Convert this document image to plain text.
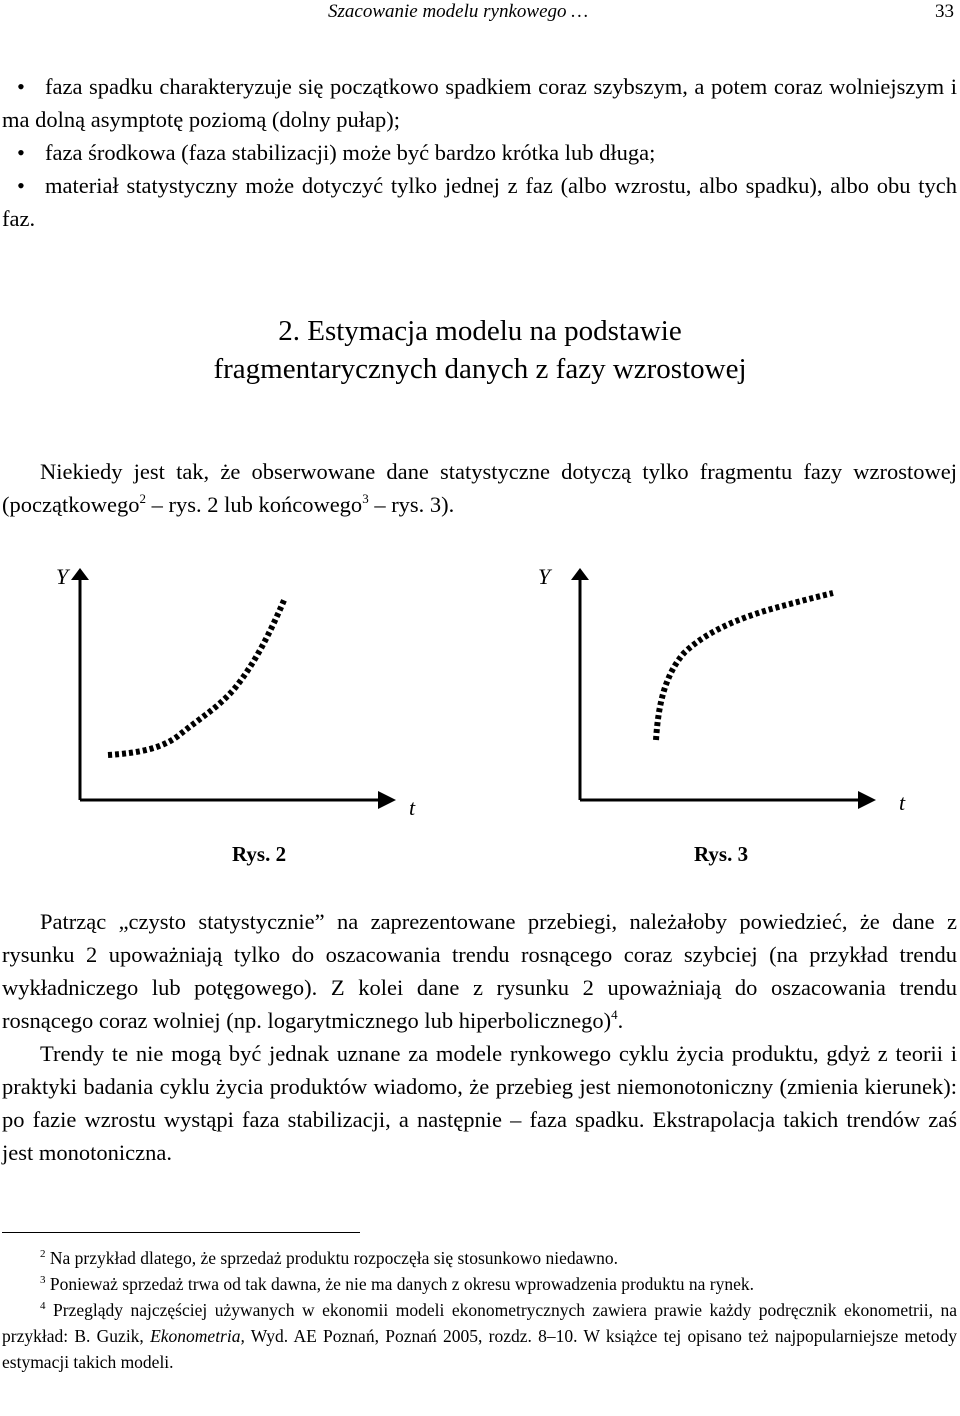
Szacowanie modelu rynkowego …	33
• faza spadku charakteryzuje się początkowo spadkiem coraz szybszym, a potem coraz wolniejszym i ma dolną asymptotę poziomą (dolny pułap);
• faza środkowa (faza stabilizacji) może być bardzo krótka lub długa;
• materiał statystyczny może dotyczyć tylko jednej z faz (albo wzrostu, albo spadku), albo obu tych faz.
2. Estymacja modelu na podstawie
fragmentarycznych danych z fazy wzrostowej
Niekiedy jest tak, że obserwowane dane statystyczne dotyczą tylko fragmentu fazy wzrostowej (początkowego$^2$ – rys. 2 lub końcowego$^3$ – rys. 3).
Y
t
Y
t
Rys. 2	Rys. 3
Patrząc „czysto statystycznie” na zaprezentowane przebiegi, należałoby powiedzieć, że dane z rysunku 2 upoważniają tylko do oszacowania trendu rosnącego coraz szybciej (na przykład trendu wykładniczego lub potęgowego). Z kolei dane z rysunku 2 upoważniają do oszacowania trendu rosnącego coraz wolniej (np. logarytmicznego lub hiperbolicznego)$^4$.
Trendy te nie mogą być jednak uznane za modele rynkowego cyklu życia produktu, gdyż z teorii i praktyki badania cyklu życia produktów wiadomo, że przebieg jest niemonotoniczny (zmienia kierunek): po fazie wzrostu wystąpi faza stabilizacji, a następnie – faza spadku. Ekstrapolacja takich trendów zaś jest monotoniczna.

$^2$ Na przykład dlatego, że sprzedaż produktu rozpoczęła się stosunkowo niedawno.

$^3$ Ponieważ sprzedaż trwa od tak dawna, że nie ma danych z okresu wprowadzenia produktu na rynek.

$^4$ Przeglądy najczęściej używanych w ekonomii modeli ekonometrycznych zawiera prawie każdy podręcznik ekonometrii, na przykład: B. Guzik, Ekonometria, Wyd. AE Poznań, Poznań 2005, rozdz. 8–10. W książce tej opisano też najpopularniejsze metody estymacji takich modeli.
